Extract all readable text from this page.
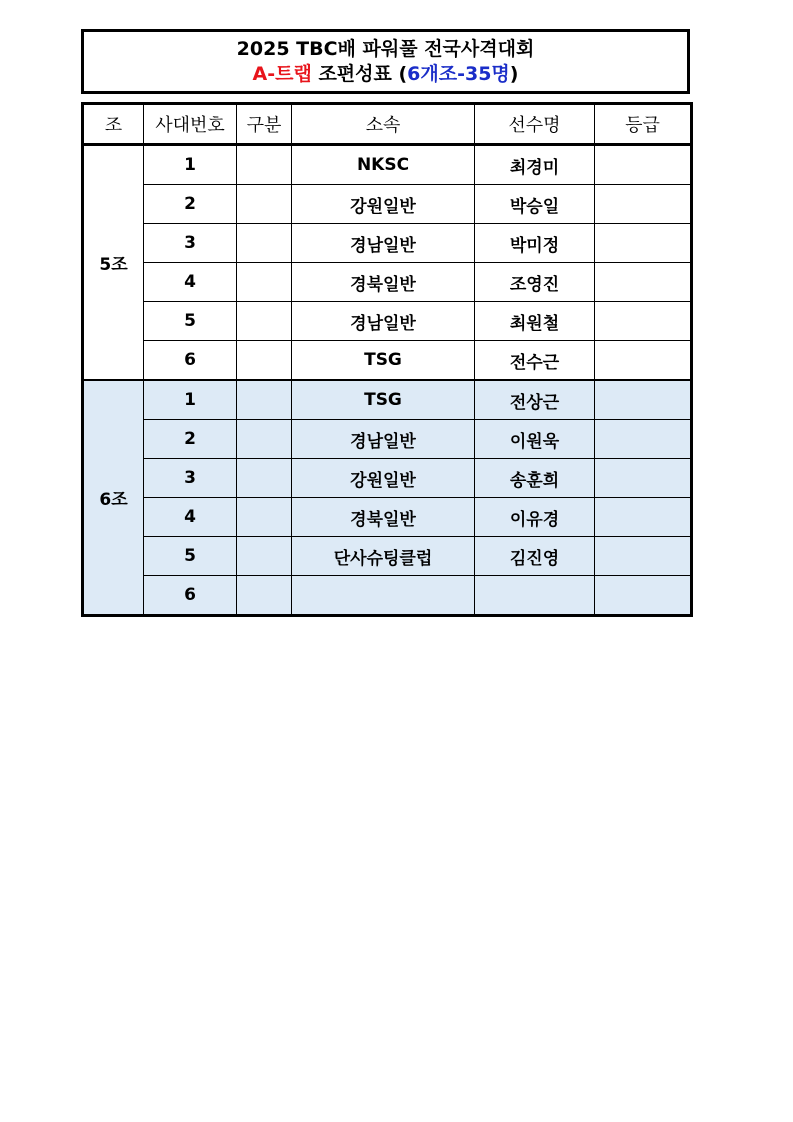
2025 TBC배 파워풀 전국사격대회
A-트랩 조편성표 (6개조-35명)
조	사대번호	구분	소속	선수명	등급
5조	1		NKSC	최경미	
	2		강원일반	박승일	
	3		경남일반	박미정	
	4		경북일반	조영진	
	5		경남일반	최원철	
	6		TSG	전수근	
6조	1		TSG	전상근	
	2		경남일반	이원욱	
	3		강원일반	송훈희	
	4		경북일반	이유경	
	5		단사슈팅클럽	김진영	
	6				
